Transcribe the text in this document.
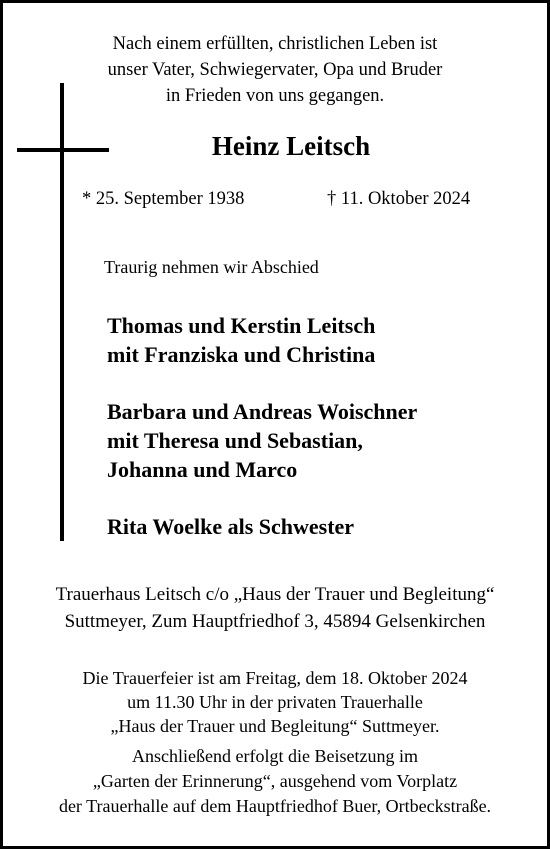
Nach einem erfüllten, christlichen Leben ist
unser Vater, Schwiegervater, Opa und Bruder
in Frieden von uns gegangen.
Heinz Leitsch
* 25. September 1938	† 11. Oktober 2024
Traurig nehmen wir Abschied
Thomas und Kerstin Leitsch
mit Franziska und Christina
Barbara und Andreas Woischner
mit Theresa und Sebastian,
Johanna und Marco
Rita Woelke als Schwester
Trauerhaus Leitsch c/o „Haus der Trauer und Begleitung“
Suttmeyer, Zum Hauptfriedhof 3, 45894 Gelsenkirchen
Die Trauerfeier ist am Freitag, dem 18. Oktober 2024
um 11.30 Uhr in der privaten Trauerhalle
„Haus der Trauer und Begleitung“ Suttmeyer.
Anschließend erfolgt die Beisetzung im
„Garten der Erinnerung“, ausgehend vom Vorplatz
der Trauerhalle auf dem Hauptfriedhof Buer, Ortbeckstraße.
